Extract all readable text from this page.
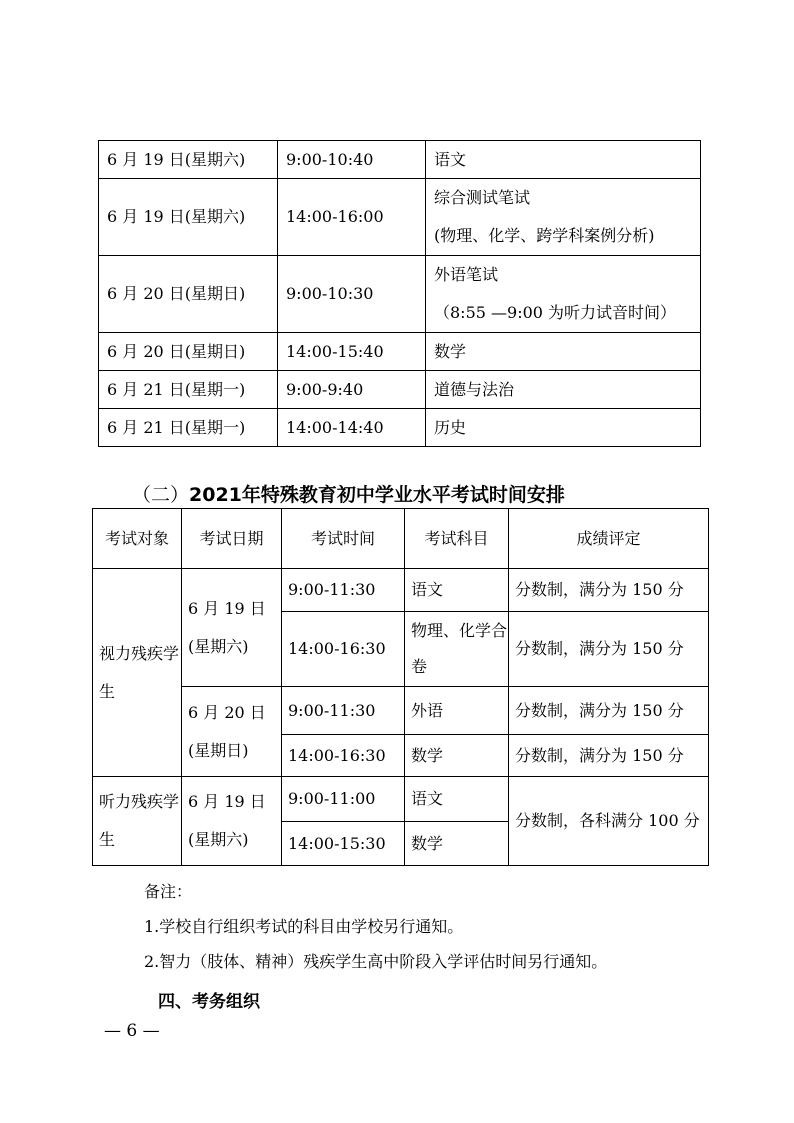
6 月 19 日(星期六)	9:00-10:40	语文
6 月 19 日(星期六)	14:00-16:00	综合测试笔试
(物理、化学、跨学科案例分析)

6 月 20 日(星期日)	9:00-10:30	外语笔试
（8:55 —9:00 为听力试音时间）

6 月 20 日(星期日)	14:00-15:40	数学
6 月 21 日(星期一)	9:00-9:40	道德与法治
6 月 21 日(星期一)	14:00-14:40	历史
（二）2021年特殊教育初中学业水平考试时间安排
考试对象	考试日期	考试时间	考试科目	成绩评定
视力残疾学生	6 月 19 日(星期六)	9:00-11:30	语文	分数制，满分为 150 分
		14:00-16:30	物理、化学合卷	分数制，满分为 150 分
	6 月 20 日(星期日)	9:00-11:30	外语	分数制，满分为 150 分
		14:00-16:30	数学	分数制，满分为 150 分
听力残疾学生	6 月 19 日(星期六)	9:00-11:00	语文	分数制，各科满分 100 分
		14:00-15:30	数学	
备注：
1.学校自行组织考试的科目由学校另行通知。
2.智力（肢体、精神）残疾学生高中阶段入学评估时间另行通知。
四、考务组织
— 6 —
